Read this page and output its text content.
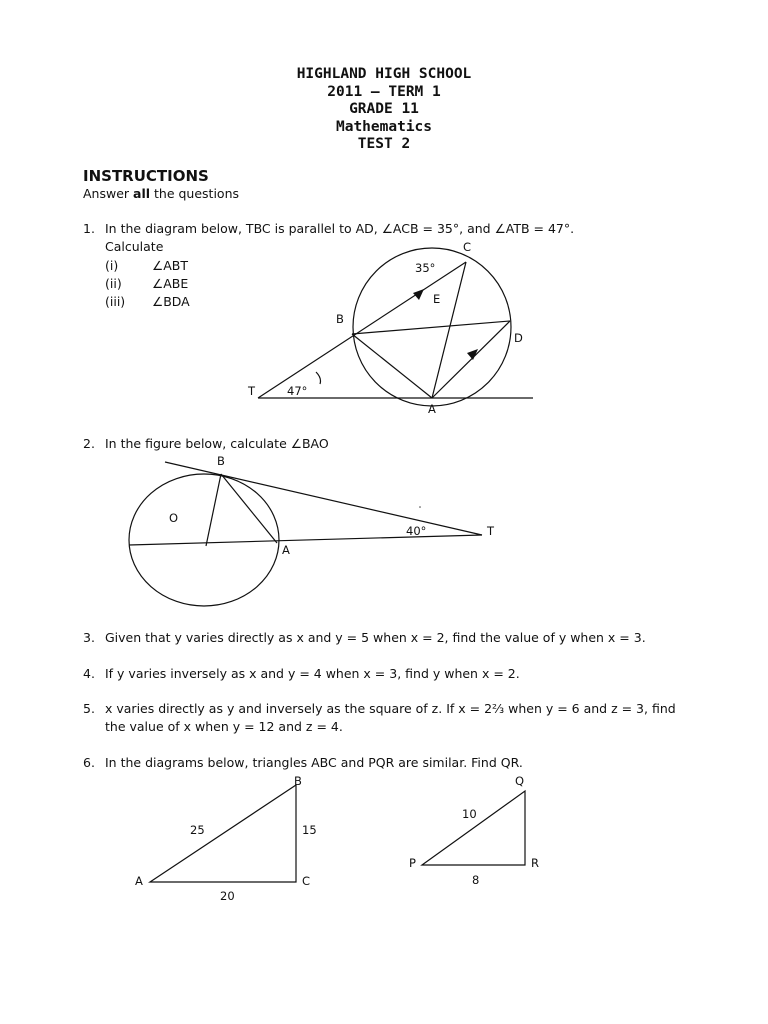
HIGHLAND HIGH SCHOOL
2011 – TERM 1
GRADE 11
Mathematics
TEST 2
INSTRUCTIONS
Answer all the questions
1. In the diagram below, TBC is parallel to AD, ∠ACB = 35°, and ∠ATB = 47°.
Calculate
(i)	∠ABT
(ii) ∠ABE
(iii) ∠BDA
2. In the figure below, calculate ∠BAO
3. Given that y varies directly as x and y = 5 when x = 2, find the value of y when x = 3.
4. If y varies inversely as x and y = 4 when x = 3, find y when x = 2.
5. x varies directly as y and inversely as the square of z. If x = 2⅔ when y = 6 and z = 3, find
the value of x when y = 12 and z = 4.
6. In the diagrams below, triangles ABC and PQR are similar. Find QR.
C
35°
E
B
D
T	47°
A
B
O
A
40°	T
B
25	15
A	C
20
Q
10
P	R
8
